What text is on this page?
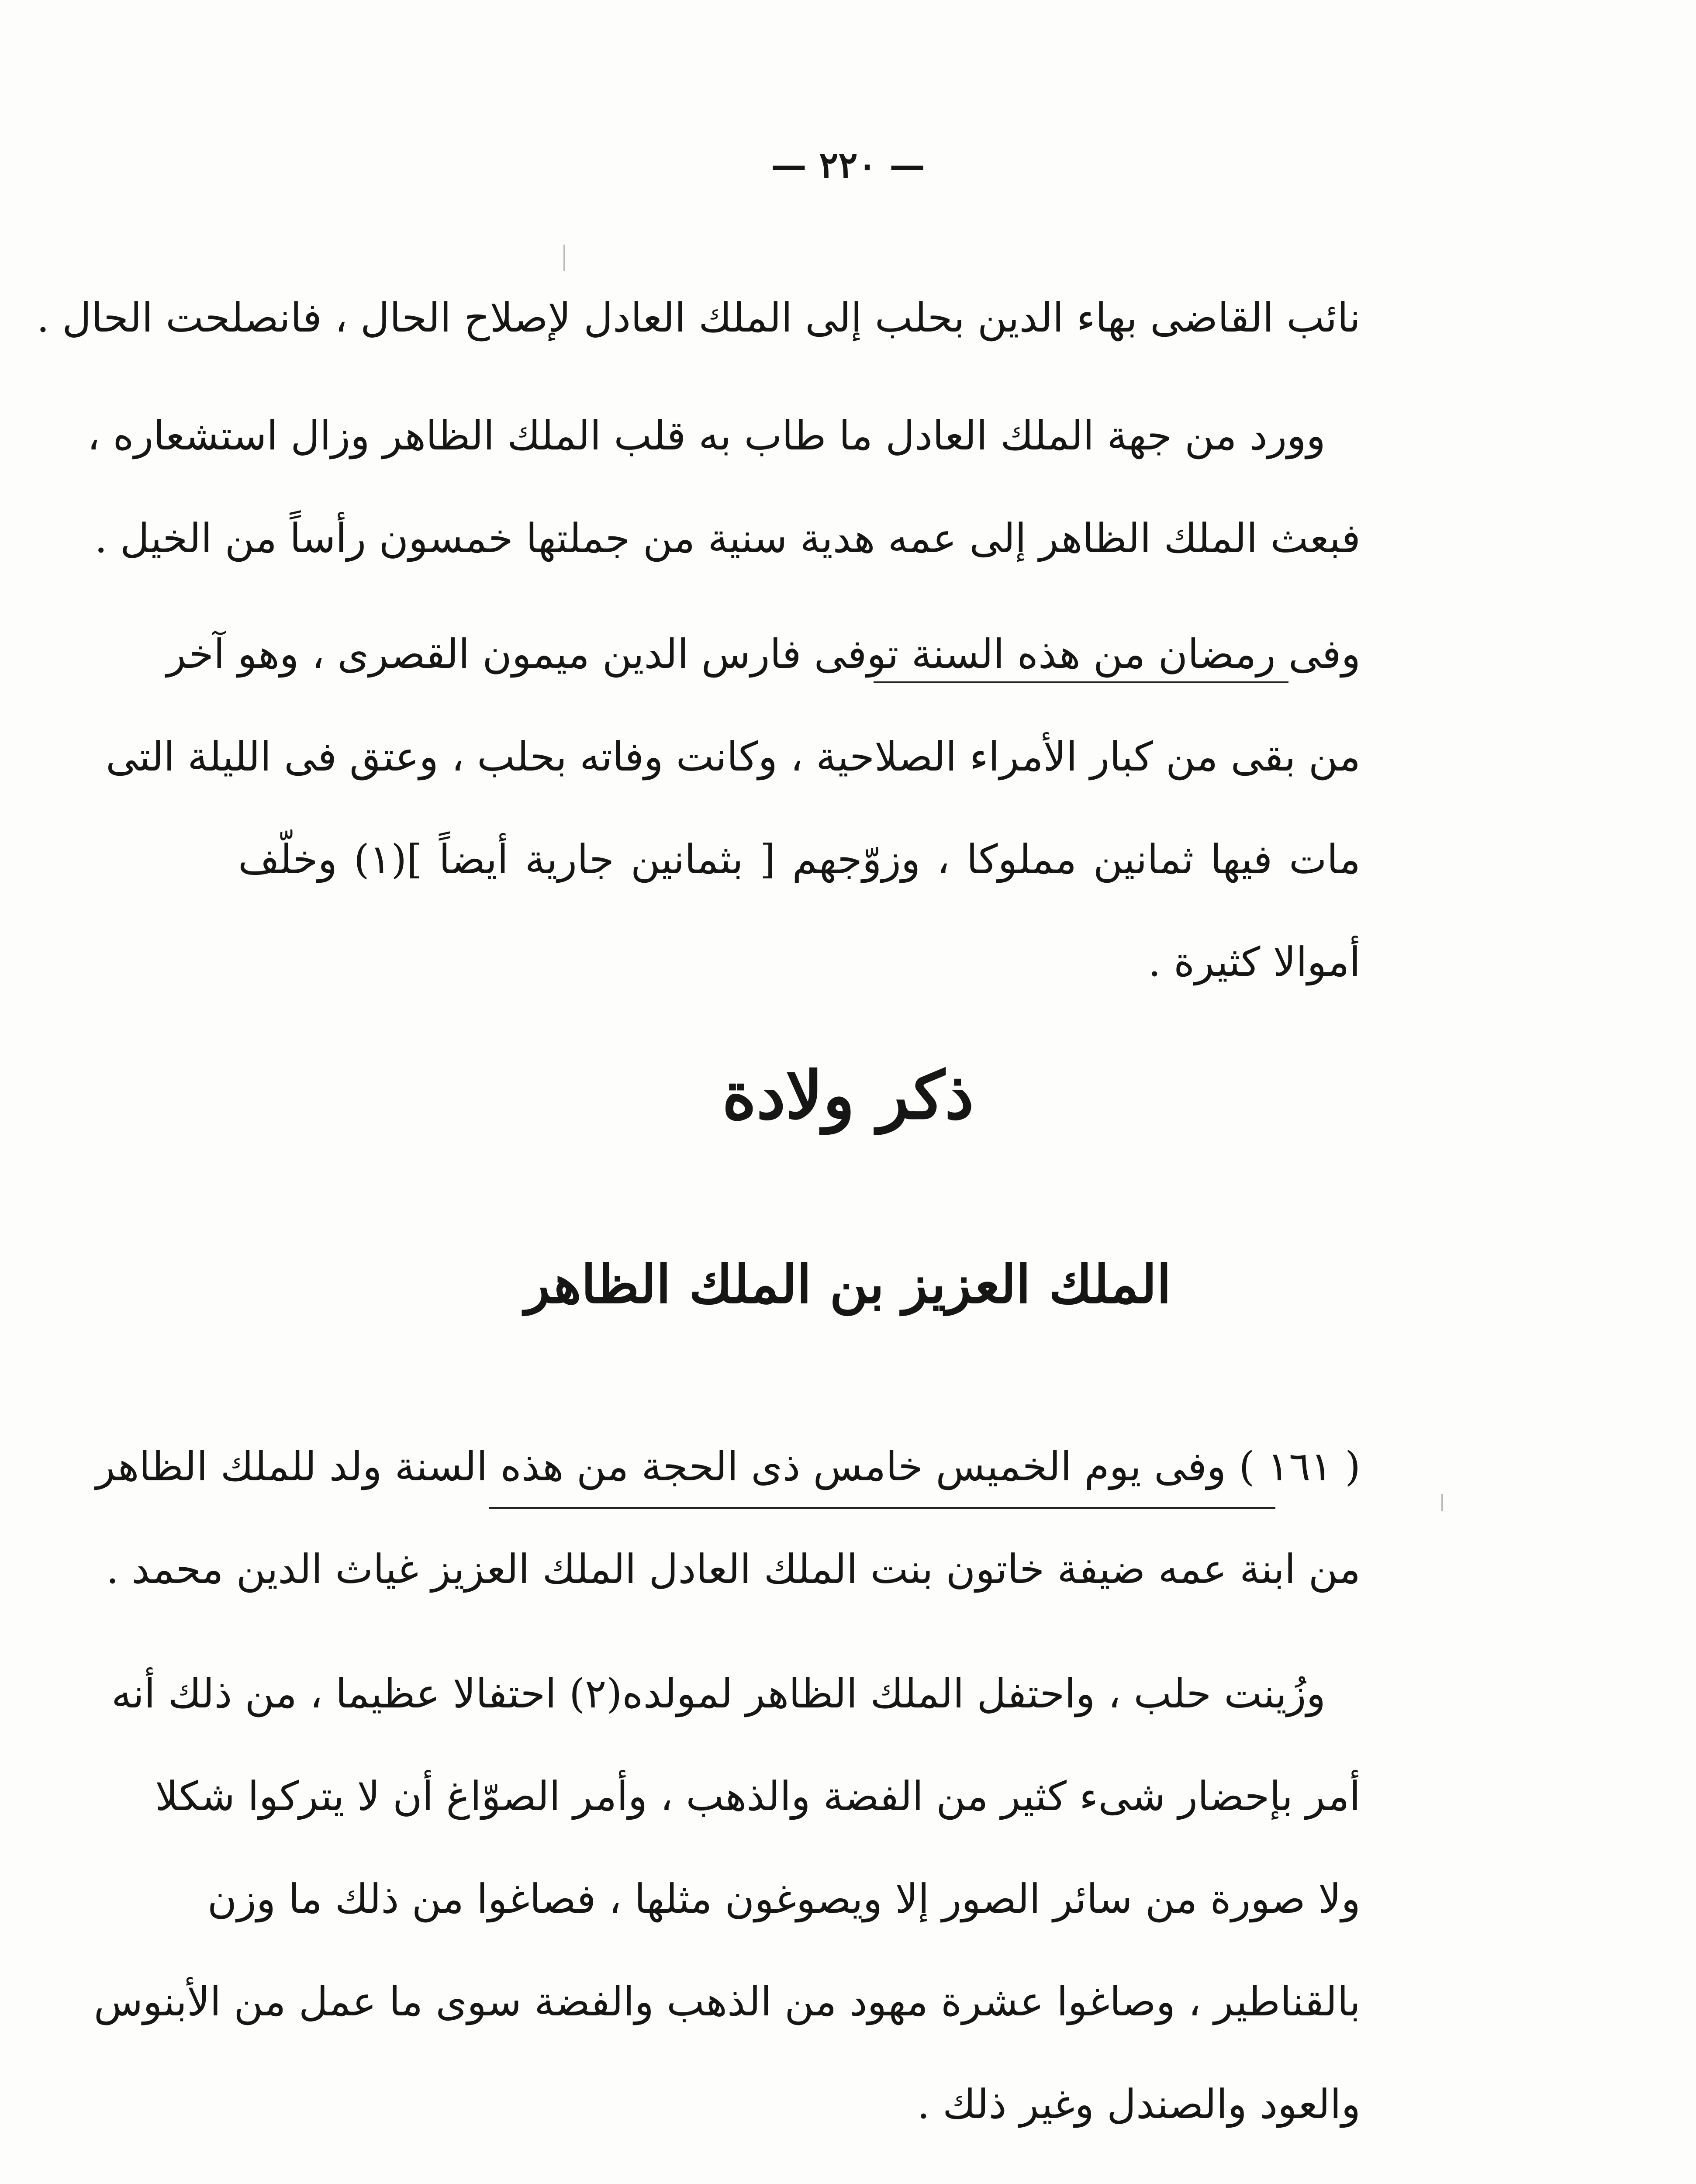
— ٢٢٠ —
نائب القاضى بهاء الدين بحلب إلى الملك العادل لإصلاح الحال ، فانصلحت الحال .
وورد من جهة الملك العادل ما طاب به قلب الملك الظاهر وزال استشعاره ،
فبعث الملك الظاهر إلى عمه هدية سنية من جملتها خمسون رأساً من الخيل .
وفى رمضان من هذه السنة توفى فارس الدين ميمون القصرى ، وهو آخر
من بقى من كبار الأمراء الصلاحية ، وكانت وفاته بحلب ، وعتق فى الليلة التى
مات فيها ثمانين مملوكا ، وزوّجهم [ بثمانين جارية أيضاً ](١) وخلّف
أموالا كثيرة .
ذكر ولادة
الملك العزيز بن الملك الظاهر
( ١٦١ ) وفى يوم الخميس خامس ذى الحجة من هذه السنة ولد للملك الظاهر
من ابنة عمه ضيفة خاتون بنت الملك العادل الملك العزيز غياث الدين محمد .
وزُينت حلب ، واحتفل الملك الظاهر لمولده(٢) احتفالا عظيما ، من ذلك أنه
أمر بإحضار شىء كثير من الفضة والذهب ، وأمر الصوّاغ أن لا يتركوا شكلا
ولا صورة من سائر الصور إلا ويصوغون مثلها ، فصاغوا من ذلك ما وزن
بالقناطير ، وصاغوا عشرة مهود من الذهب والفضة سوى ما عمل من الأبنوس
والعود والصندل وغير ذلك .
